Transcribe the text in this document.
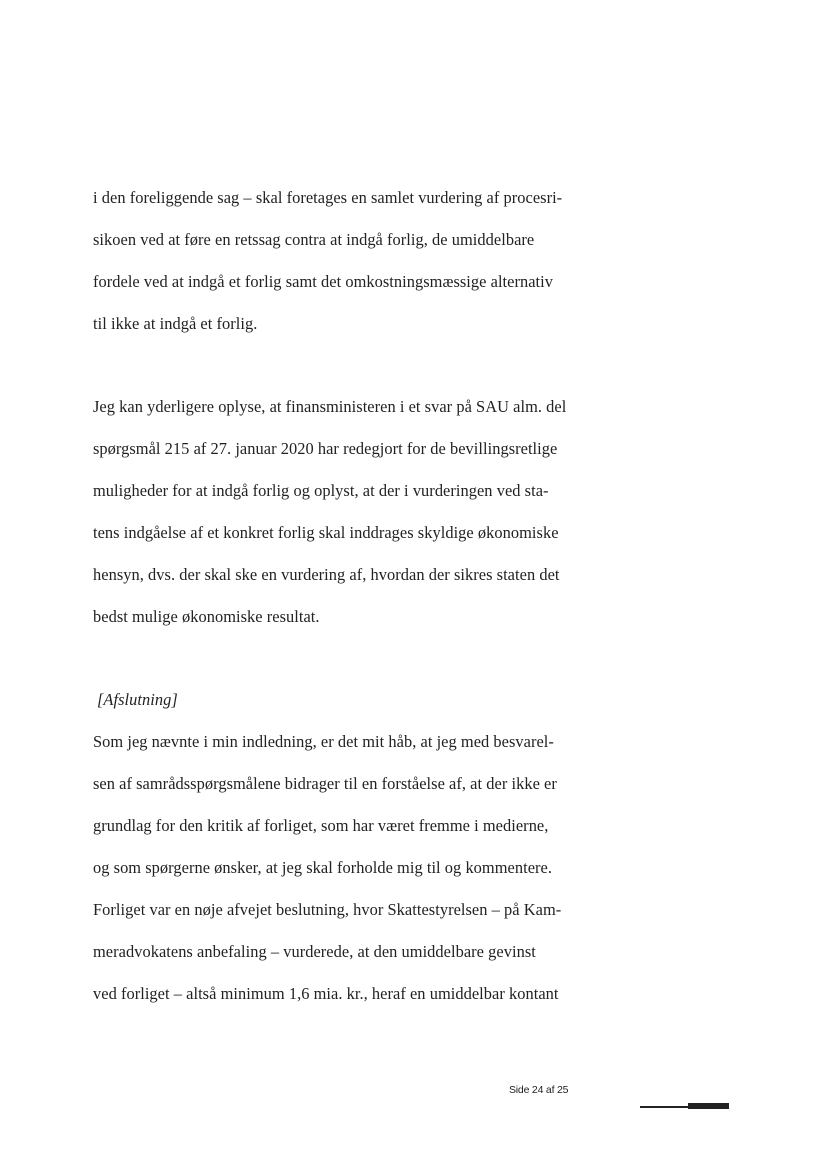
i den foreliggende sag – skal foretages en samlet vurdering af procesri-
sikoen ved at føre en retssag contra at indgå forlig, de umiddelbare
fordele ved at indgå et forlig samt det omkostningsmæssige alternativ
til ikke at indgå et forlig.
Jeg kan yderligere oplyse, at finansministeren i et svar på SAU alm. del
spørgsmål 215 af 27. januar 2020 har redegjort for de bevillingsretlige
muligheder for at indgå forlig og oplyst, at der i vurderingen ved sta-
tens indgåelse af et konkret forlig skal inddrages skyldige økonomiske
hensyn, dvs. der skal ske en vurdering af, hvordan der sikres staten det
bedst mulige økonomiske resultat.
[Afslutning]
Som jeg nævnte i min indledning, er det mit håb, at jeg med besvarel-
sen af samrådsspørgsmålene bidrager til en forståelse af, at der ikke er
grundlag for den kritik af forliget, som har været fremme i medierne,
og som spørgerne ønsker, at jeg skal forholde mig til og kommentere.
Forliget var en nøje afvejet beslutning, hvor Skattestyrelsen – på Kam-
meradvokatens anbefaling – vurderede, at den umiddelbare gevinst
ved forliget – altså minimum 1,6 mia. kr., heraf en umiddelbar kontant
Side 24 af 25
